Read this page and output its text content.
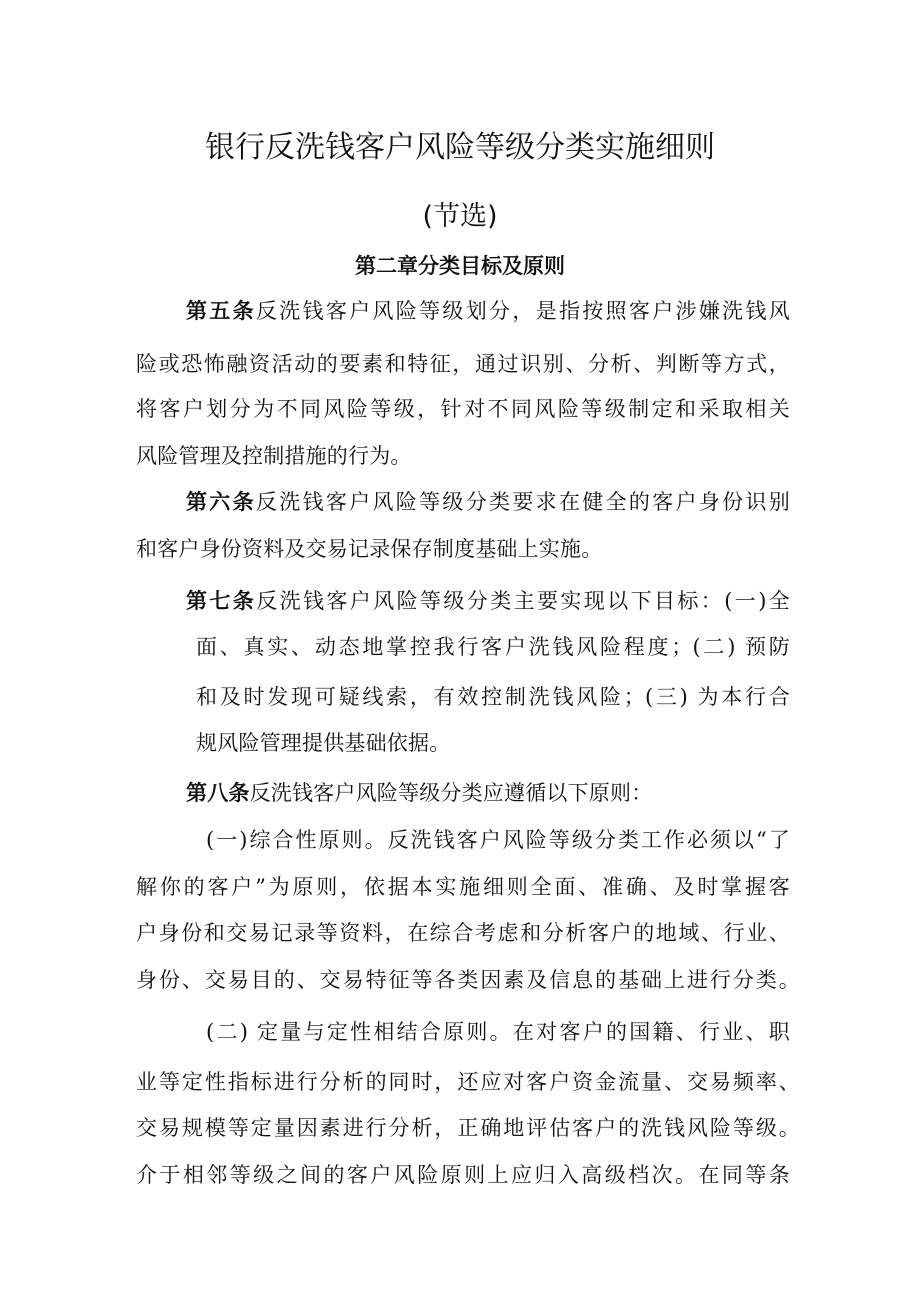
银行反洗钱客户风险等级分类实施细则
(节选)
第二章分类目标及原则
第五条反洗钱客户风险等级划分，是指按照客户涉嫌洗钱风
险或恐怖融资活动的要素和特征，通过识别、分析、判断等方式，
将客户划分为不同风险等级，针对不同风险等级制定和采取相关
风险管理及控制措施的行为。
第六条反洗钱客户风险等级分类要求在健全的客户身份识别
和客户身份资料及交易记录保存制度基础上实施。
第七条反洗钱客户风险等级分类主要实现以下目标：(一)全
面、真实、动态地掌控我行客户洗钱风险程度；(二) 预防
和及时发现可疑线索，有效控制洗钱风险；(三) 为本行合
规风险管理提供基础依据。
第八条反洗钱客户风险等级分类应遵循以下原则：
(一)综合性原则。反洗钱客户风险等级分类工作必须以“了
解你的客户”为原则，依据本实施细则全面、准确、及时掌握客
户身份和交易记录等资料，在综合考虑和分析客户的地域、行业、
身份、交易目的、交易特征等各类因素及信息的基础上进行分类。
(二) 定量与定性相结合原则。在对客户的国籍、行业、职
业等定性指标进行分析的同时，还应对客户资金流量、交易频率、
交易规模等定量因素进行分析，正确地评估客户的洗钱风险等级。
介于相邻等级之间的客户风险原则上应归入高级档次。在同等条
